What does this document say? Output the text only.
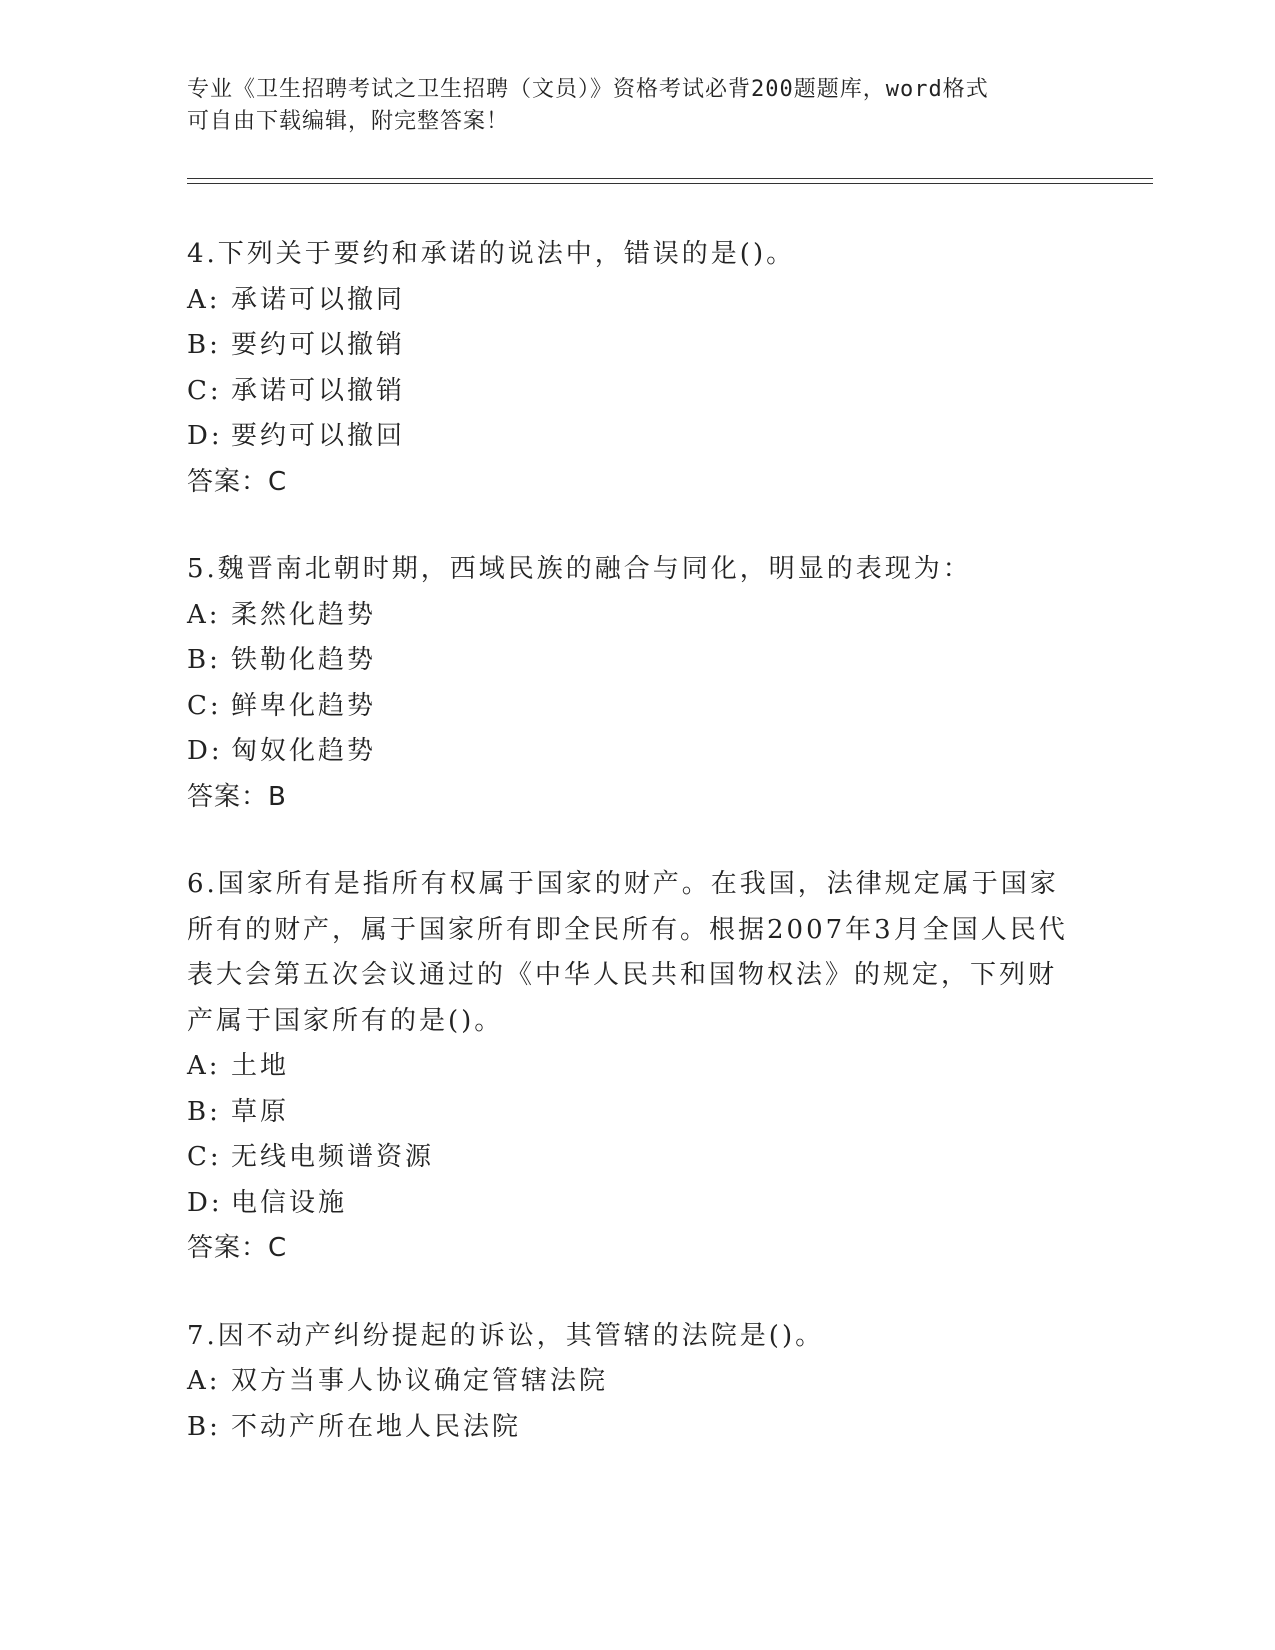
专业《卫生招聘考试之卫生招聘（文员）》资格考试必背200题题库，word格式
可自由下载编辑，附完整答案！

4.下列关于要约和承诺的说法中，错误的是()。

A: 承诺可以撤同

B: 要约可以撤销

C: 承诺可以撤销

D: 要约可以撤回

答案：C

5.魏晋南北朝时期，西域民族的融合与同化，明显的表现为：

A: 柔然化趋势

B: 铁勒化趋势

C: 鲜卑化趋势

D: 匈奴化趋势

答案：B

6.国家所有是指所有权属于国家的财产。在我国，法律规定属于国家
所有的财产，属于国家所有即全民所有。根据2007年3月全国人民代
表大会第五次会议通过的《中华人民共和国物权法》的规定，下列财
产属于国家所有的是()。

A: 土地

B: 草原

C: 无线电频谱资源

D: 电信设施

答案：C

7.因不动产纠纷提起的诉讼，其管辖的法院是()。

A: 双方当事人协议确定管辖法院

B: 不动产所在地人民法院
